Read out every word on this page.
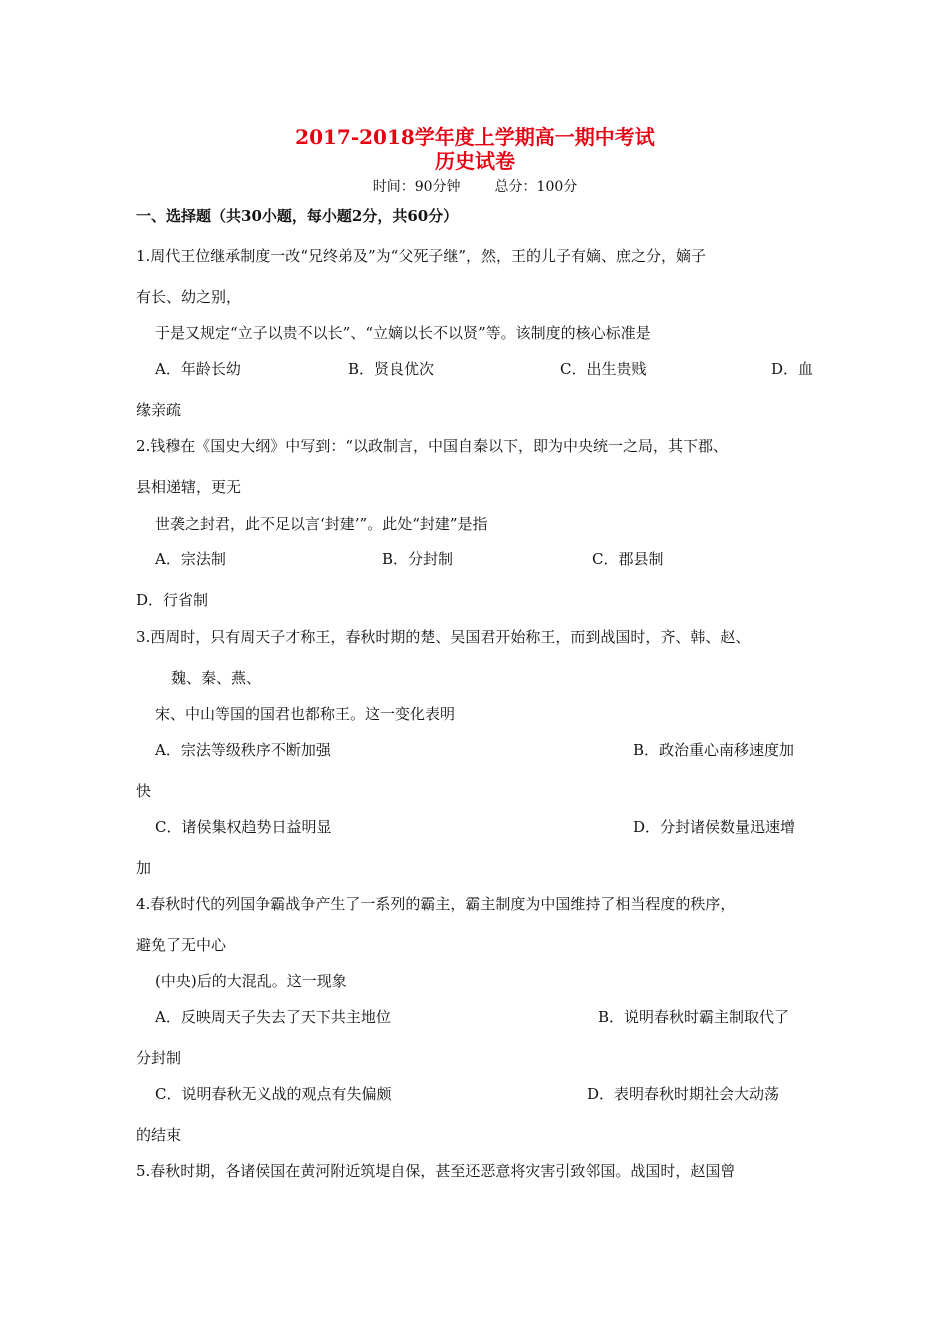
2017-2018学年度上学期高一期中考试
历史试卷
时间：90分钟 总分：100分
一、选择题（共30小题，每小题2分，共60分）
1.周代王位继承制度一改“兄终弟及”为“父死子继”，然，王的儿子有嫡、庶之分，嫡子
有长、幼之别，
于是又规定“立子以贵不以长”、“立嫡以长不以贤”等。该制度的核心标准是
A．年龄长幼	B．贤良优次	C．出生贵贱	D．血
缘亲疏
2.钱穆在《国史大纲》中写到：“以政制言，中国自秦以下，即为中央统一之局，其下郡、
县相递辖，更无
世袭之封君，此不足以言‘封建’”。此处“封建”是指
A．宗法制	B．分封制	C．郡县制
D．行省制
3.西周时，只有周天子才称王，春秋时期的楚、吴国君开始称王，而到战国时，齐、韩、赵、
魏、秦、燕、
宋、中山等国的国君也都称王。这一变化表明
A．宗法等级秩序不断加强	B．政治重心南移速度加
快
C．诸侯集权趋势日益明显	D．分封诸侯数量迅速增
加
4.春秋时代的列国争霸战争产生了一系列的霸主，霸主制度为中国维持了相当程度的秩序，
避免了无中心
(中央)后的大混乱。这一现象
A．反映周天子失去了天下共主地位	B．说明春秋时霸主制取代了
分封制
C．说明春秋无义战的观点有失偏颇	D．表明春秋时期社会大动荡
的结束
5.春秋时期，各诸侯国在黄河附近筑堤自保，甚至还恶意将灾害引致邻国。战国时，赵国曾
